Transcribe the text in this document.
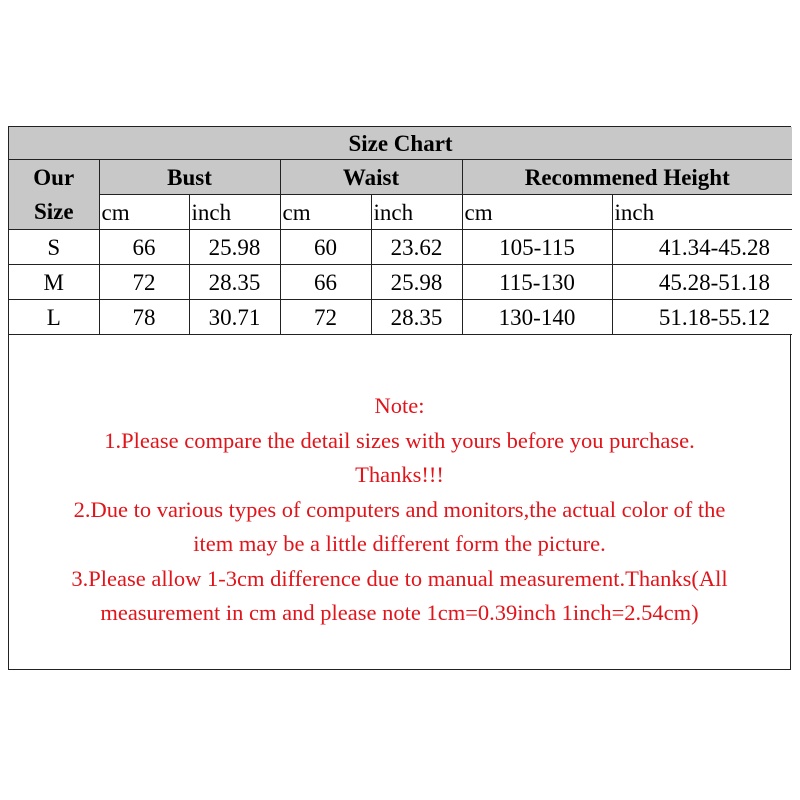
Size Chart						
Our
Size	Bust		Waist		Recommened Height	
	cm	inch	cm	inch	cm	inch
S	66	25.98	60	23.62	105-115	41.34-45.28
M	72	28.35	66	25.98	115-130	45.28-51.18
L	78	30.71	72	28.35	130-140	51.18-55.12
Note:
1.Please compare the detail sizes with yours before you purchase.
Thanks!!!
2.Due to various types of computers and monitors,the actual color of the
item may be a little different form the picture.
3.Please allow 1-3cm difference due to manual measurement.Thanks(All
measurement in cm and please note 1cm=0.39inch 1inch=2.54cm)
